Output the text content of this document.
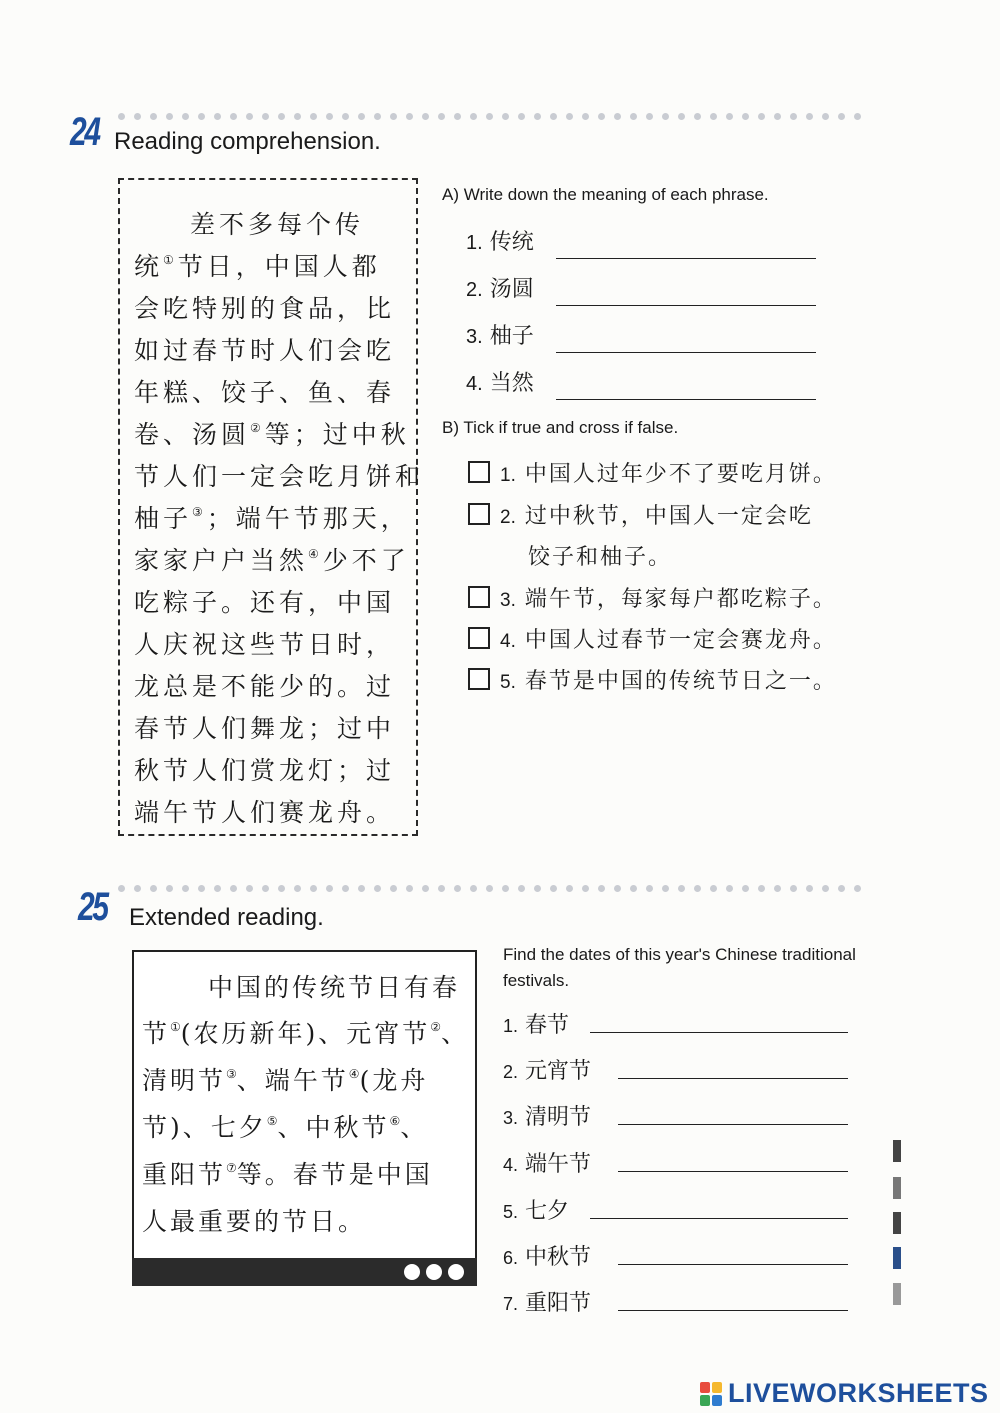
24 Reading comprehension.
差不多每个传
统①节日，中国人都
会吃特别的食品，比
如过春节时人们会吃
年糕、饺子、鱼、春
卷、汤圆②等；过中秋
节人们一定会吃月饼和
柚子③；端午节那天，
家家户户当然④少不了
吃粽子。还有，中国
人庆祝这些节日时，
龙总是不能少的。过
春节人们舞龙；过中
秋节人们赏龙灯；过
端午节人们赛龙舟。
A) Write down the meaning of each phrase.
1. 传统
2. 汤圆
3. 柚子
4. 当然
B) Tick if true and cross if false.
1. 中国人过年少不了要吃月饼。
2. 过中秋节，中国人一定会吃
饺子和柚子。
3. 端午节，每家每户都吃粽子。
4. 中国人过春节一定会赛龙舟。
5. 春节是中国的传统节日之一。
25 Extended reading.
中国的传统节日有春
节①(农历新年)、元宵节②、
清明节③、端午节④(龙舟
节)、七夕⑤、中秋节⑥、
重阳节⑦等。春节是中国
人最重要的节日。
Find the dates of this year's Chinese traditional festivals.
1. 春节
2. 元宵节
3. 清明节
4. 端午节
5. 七夕
6. 中秋节
7. 重阳节
LIVEWORKSHEETS
